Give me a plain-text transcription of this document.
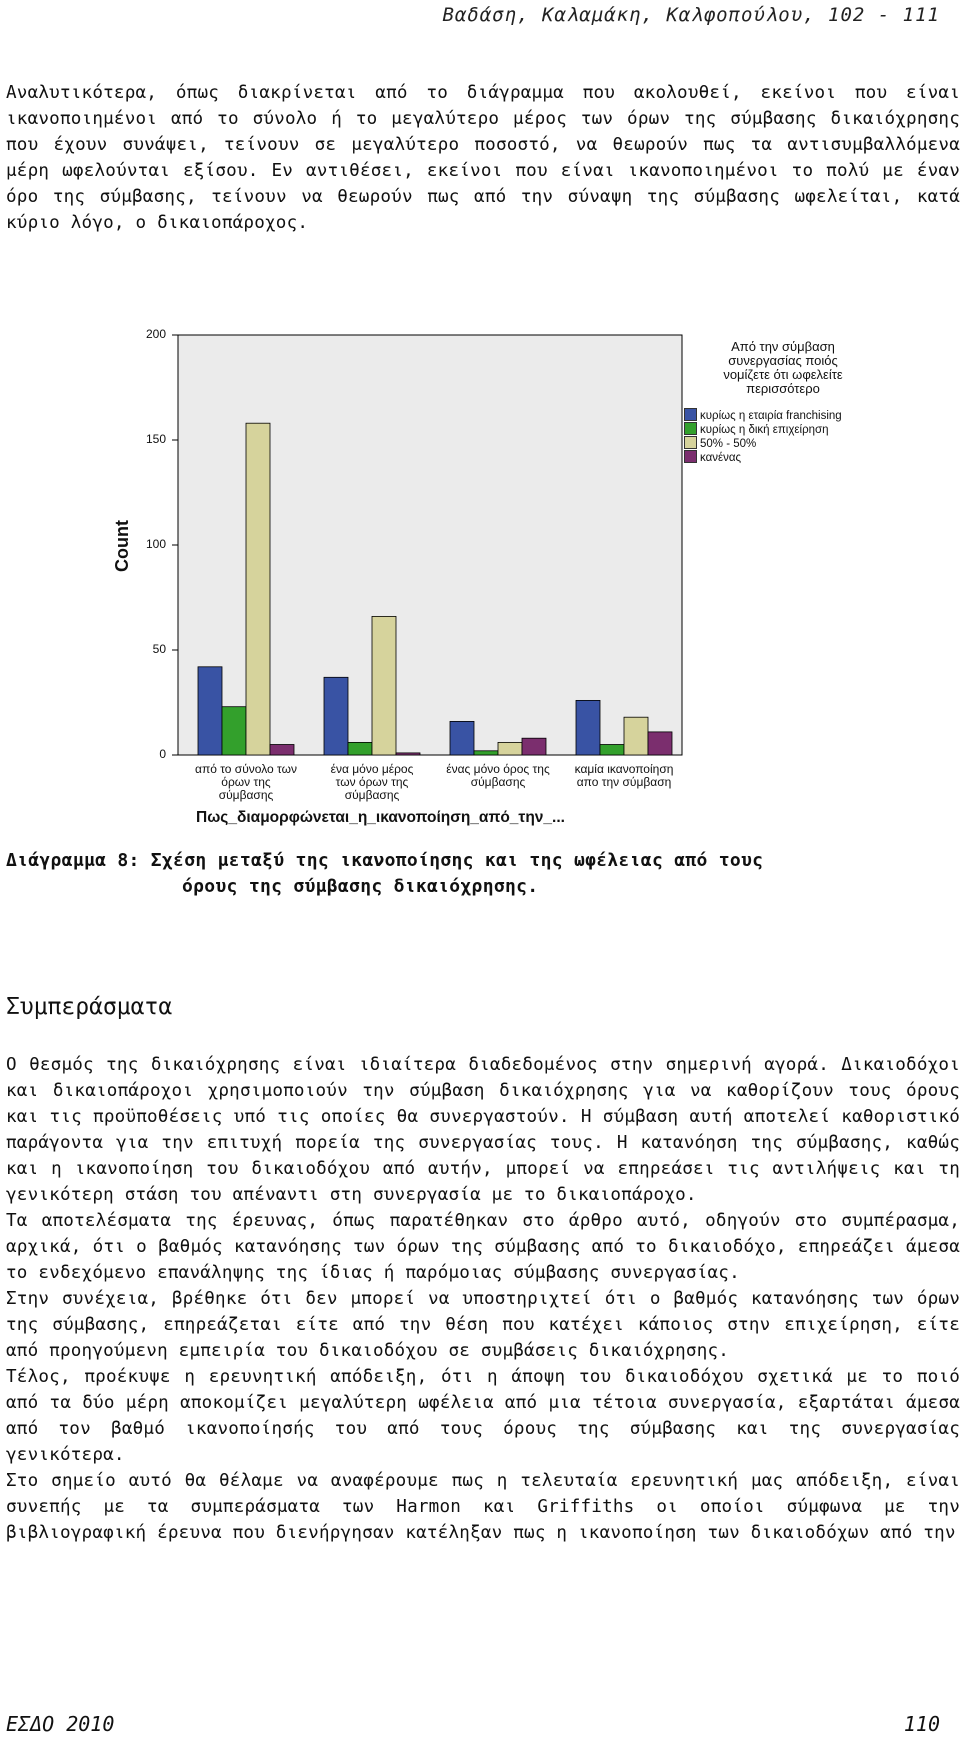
Βαδάση, Καλαμάκη, Καλφοπούλου, 102 - 111

Αναλυτικότερα, όπως διακρίνεται από το διάγραμμα που ακολουθεί, εκείνοι που είναι ικανοποιημένοι από το σύνολο ή το μεγαλύτερο μέρος των όρων της σύμβασης δικαιόχρησης που έχουν συνάψει, τείνουν σε μεγαλύτερο ποσοστό, να θεωρούν πως τα αντισυμβαλλόμενα μέρη ωφελούνται εξίσου. Εν αντιθέσει, εκείνοι που είναι ικανοποιημένοι το πολύ με έναν όρο της σύμβασης, τείνουν να θεωρούν πως από την σύναψη της σύμβασης ωφελείται, κατά κύριο λόγο, ο δικαιοπάροχος.

0
50
100
150
200
από το σύνολο των
όρων της
σύμβασης
ένα μόνο μέρος
των όρων της
σύμβασης
ένας μόνο όρος της
σύμβασης
καμία ικανοποίηση
απο την σύμβαση
Count
Πως_διαμορφώνεται_η_ικανοποίηση_από_την_...
Από την σύμβαση
συνεργασίας ποιός
νομίζετε ότι ωφελείτε
περισσότερο
κυρίως η εταιρία franchising
κυρίως η δική επιχείρηση
50% - 50%
κανένας
Διάγραμμα 8: Σχέση μεταξύ της ικανοποίησης και της ωφέλειας από τους
όρους της σύμβασης δικαιόχρησης.
Συμπεράσματα

Ο θεσμός της δικαιόχρησης είναι ιδιαίτερα διαδεδομένος στην σημερινή αγορά. Δικαιοδόχοι και δικαιοπάροχοι χρησιμοποιούν την σύμβαση δικαιόχρησης για να καθορίζουν τους όρους και τις προϋποθέσεις υπό τις οποίες θα συνεργαστούν. Η σύμβαση αυτή αποτελεί καθοριστικό παράγοντα για την επιτυχή πορεία της συνεργασίας τους. Η κατανόηση της σύμβασης, καθώς και η ικανοποίηση του δικαιοδόχου από αυτήν, μπορεί να επηρεάσει τις αντιλήψεις και τη γενικότερη στάση του απέναντι στη συνεργασία με το δικαιοπάροχο.

Τα αποτελέσματα της έρευνας, όπως παρατέθηκαν στο άρθρο αυτό, οδηγούν στο συμπέρασμα, αρχικά, ότι ο βαθμός κατανόησης των όρων της σύμβασης από το δικαιοδόχο, επηρεάζει άμεσα το ενδεχόμενο επανάληψης της ίδιας ή παρόμοιας σύμβασης συνεργασίας.

Στην συνέχεια, βρέθηκε ότι δεν μπορεί να υποστηριχτεί ότι ο βαθμός κατανόησης των όρων της σύμβασης, επηρεάζεται είτε από την θέση που κατέχει κάποιος στην επιχείρηση, είτε από προηγούμενη εμπειρία του δικαιοδόχου σε συμβάσεις δικαιόχρησης.

Τέλος, προέκυψε η ερευνητική απόδειξη, ότι η άποψη του δικαιοδόχου σχετικά με το ποιό από τα δύο μέρη αποκομίζει μεγαλύτερη ωφέλεια από μια τέτοια συνεργασία, εξαρτάται άμεσα από τον βαθμό ικανοποίησής του από τους όρους της σύμβασης και της συνεργασίας γενικότερα.

Στο σημείο αυτό θα θέλαμε να αναφέρουμε πως η τελευταία ερευνητική μας απόδειξη, είναι συνεπής με τα συμπεράσματα των Harmon και Griffiths οι οποίοι σύμφωνα με την βιβλιογραφική έρευνα που διενήργησαν κατέληξαν πως η ικανοποίηση των δικαιοδόχων από την

ΕΣΔΟ 2010	110
